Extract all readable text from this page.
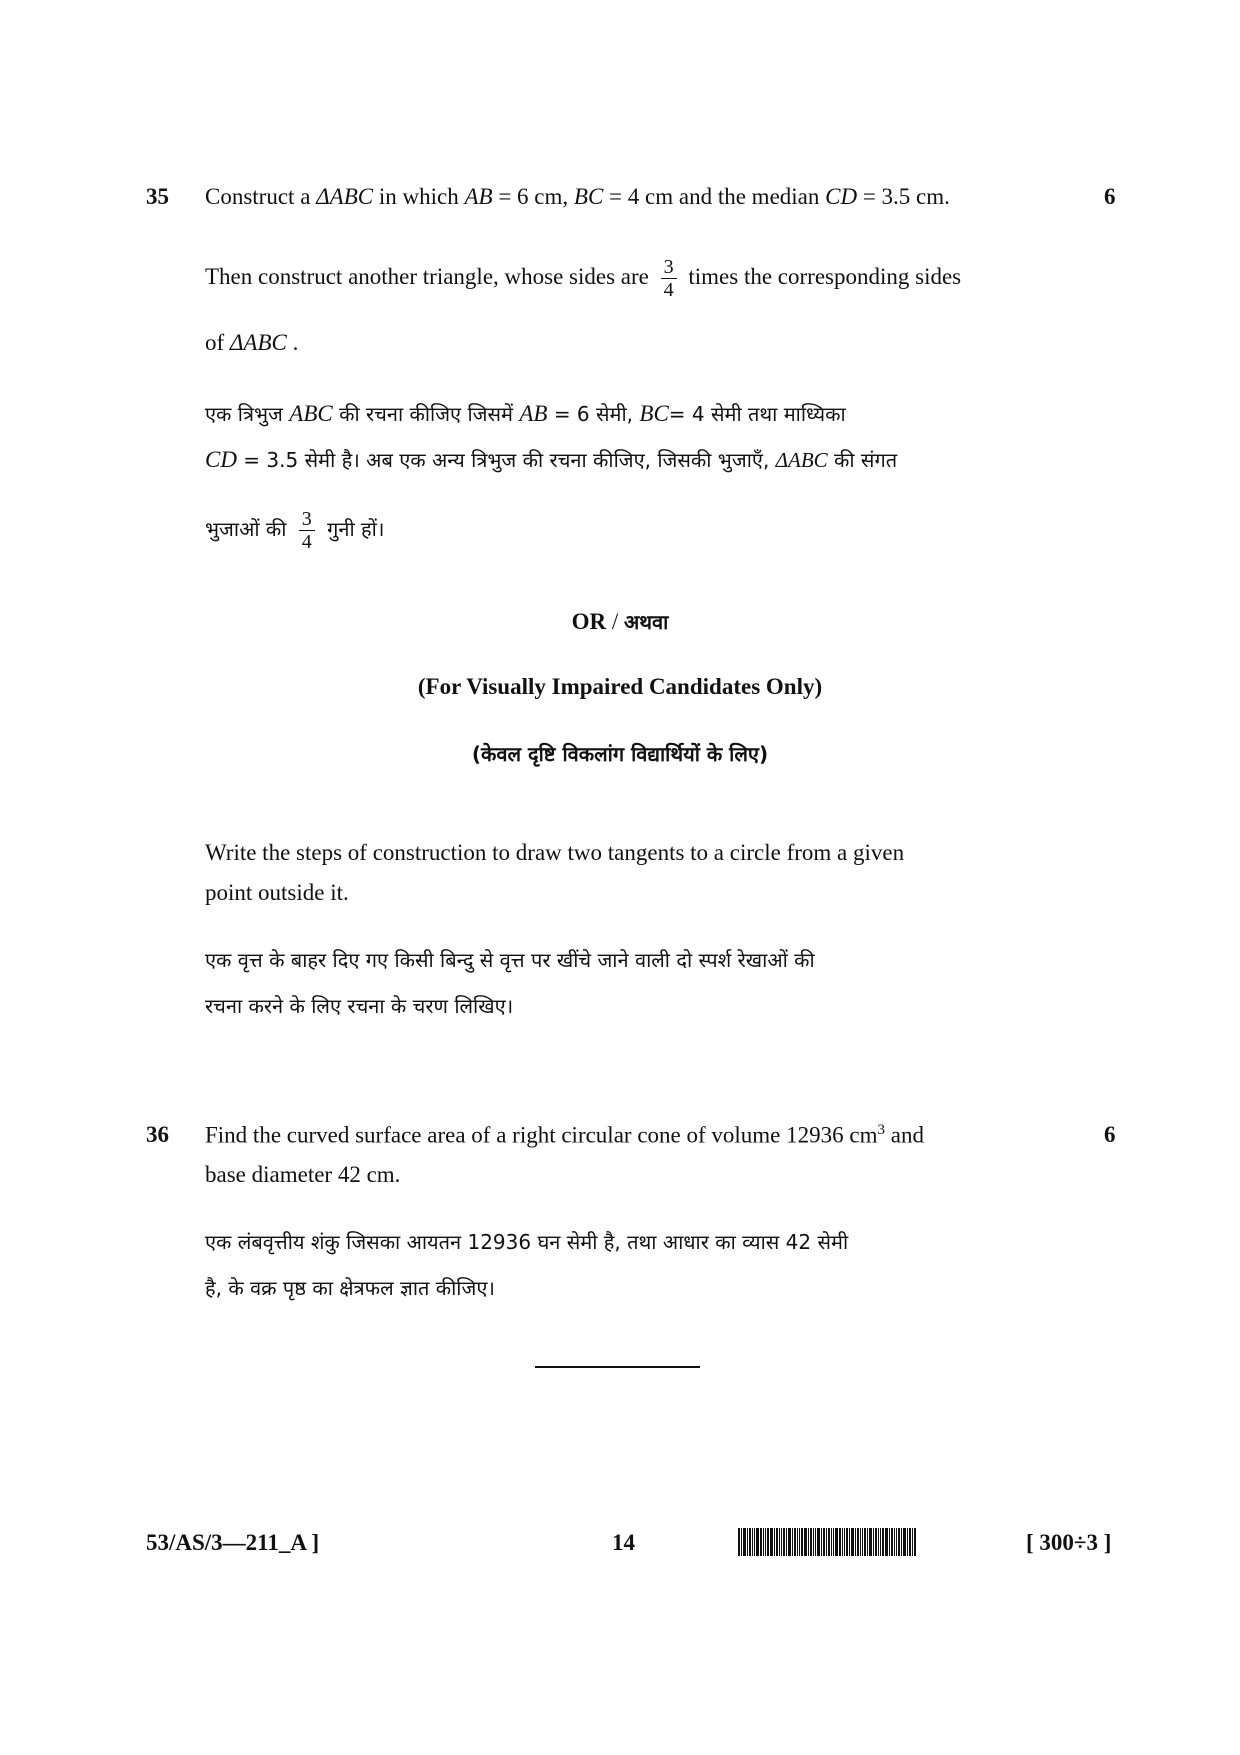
35	6
Construct a ΔABC in which AB = 6 cm, BC = 4 cm and the median CD = 3.5 cm.
Then construct another triangle, whose sides are $\frac{3}{4}$ times the corresponding sides
of ΔABC .
एक त्रिभुज ABC की रचना कीजिए जिसमें AB = 6 सेमी, BC= 4 सेमी तथा माध्यिका
CD = 3.5 सेमी है। अब एक अन्य त्रिभुज की रचना कीजिए, जिसकी भुजाएँ, ΔABC की संगत
भुजाओं की $\frac{3}{4}$ गुनी हों।
OR / अथवा
(For Visually Impaired Candidates Only)
(केवल दृष्टि विकलांग विद्यार्थियों के लिए)
Write the steps of construction to draw two tangents to a circle from a given
point outside it.
एक वृत्त के बाहर दिए गए किसी बिन्दु से वृत्त पर खींचे जाने वाली दो स्पर्श रेखाओं की
रचना करने के लिए रचना के चरण लिखिए।
36	6
Find the curved surface area of a right circular cone of volume 12936 $cm^3$ and
base diameter 42 cm.
एक लंबवृत्तीय शंकु जिसका आयतन 12936 घन सेमी है, तथा आधार का व्यास 42 सेमी
है, के वक्र पृष्ठ का क्षेत्रफल ज्ञात कीजिए।
53/AS/3—211_A ]	14	[ 300÷3 ]
